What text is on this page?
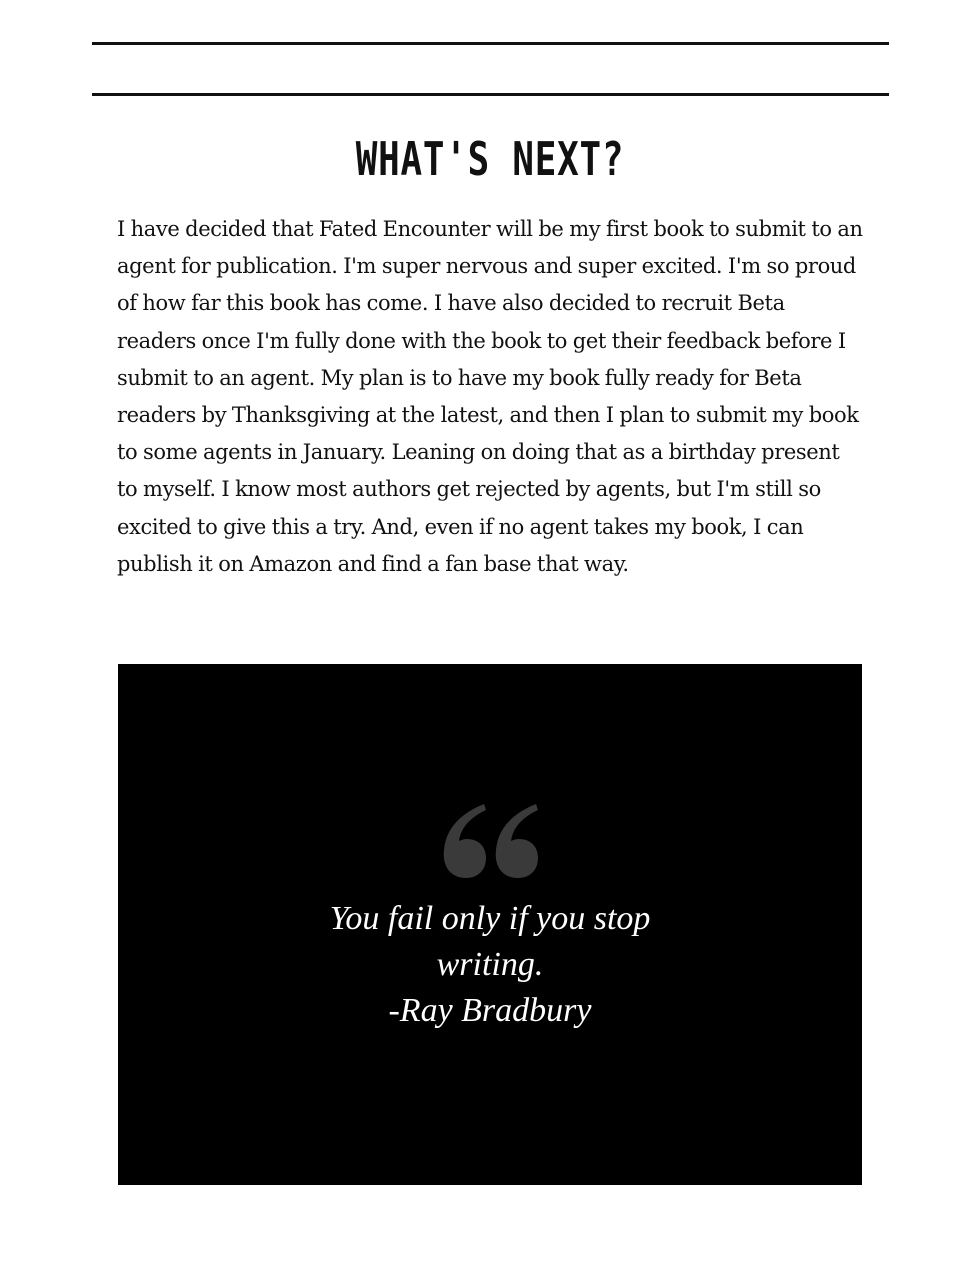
WHAT'S NEXT?

I have decided that Fated Encounter will be my first book to submit to an agent for publication. I'm super nervous and super excited. I'm so proud of how far this book has come. I have also decided to recruit Beta readers once I'm fully done with the book to get their feedback before I submit to an agent. My plan is to have my book fully ready for Beta readers by Thanksgiving at the latest, and then I plan to submit my book to some agents in January. Leaning on doing that as a birthday present to myself. I know most authors get rejected by agents, but I'm still so excited to give this a try. And, even if no agent takes my book, I can publish it on Amazon and find a fan base that way.

You fail only if you stop
writing.
-Ray Bradbury
